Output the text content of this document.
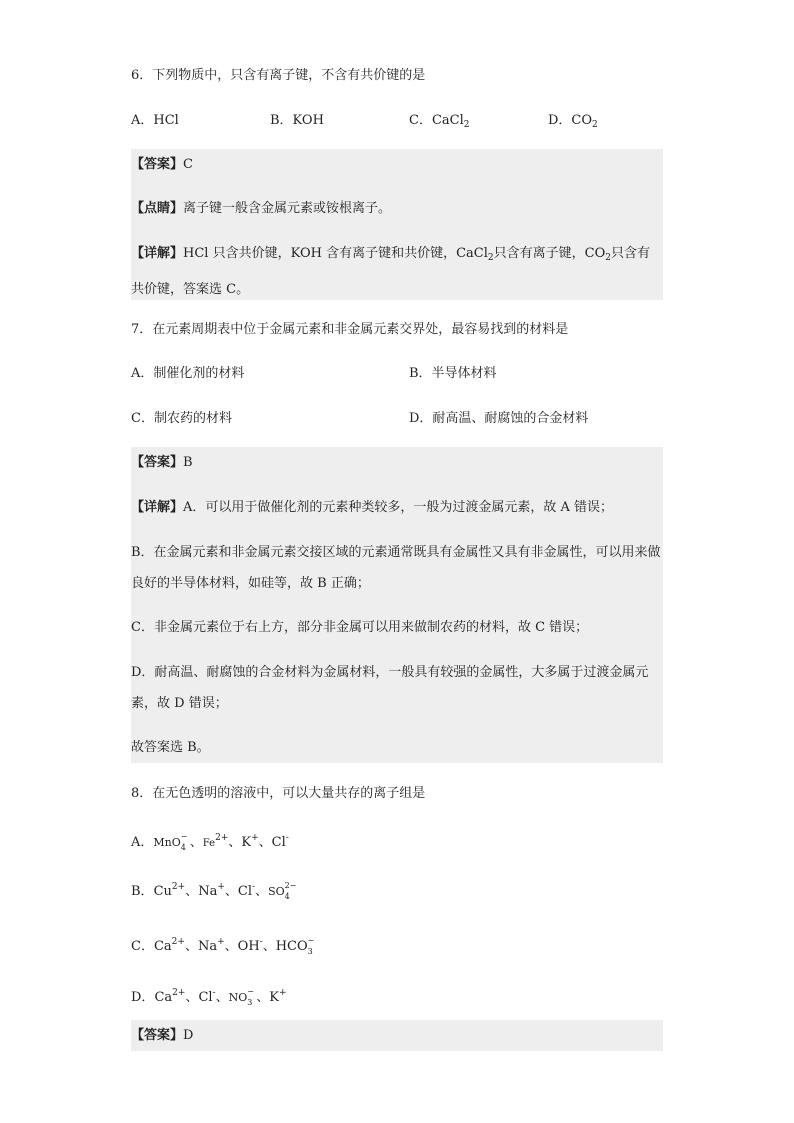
6．下列物质中，只含有离子键，不含有共价键的是
A．HCl	B．KOH	C．CaCl$_2$	D．$CO_2$
【答案】C
【点睛】离子键一般含金属元素或铵根离子。
【详解】HCl 只含共价键，KOH 含有离子键和共价键，CaCl$_2$只含有离子键，$CO_2$只含有共价键，答案选 C。
7．在元素周期表中位于金属元素和非金属元素交界处，最容易找到的材料是
A．制催化剂的材料	B．半导体材料
C．制农药的材料	D．耐高温、耐腐蚀的合金材料
【答案】B
【详解】A．可以用于做催化剂的元素种类较多，一般为过渡金属元素，故 A 错误；
B．在金属元素和非金属元素交接区域的元素通常既具有金属性又具有非金属性，可以用来做良好的半导体材料，如硅等，故 B 正确；
C．非金属元素位于右上方，部分非金属可以用来做制农药的材料，故 C 错误；
D．耐高温、耐腐蚀的合金材料为金属材料，一般具有较强的金属性，大多属于过渡金属元素，故 D 错误；
故答案选 B。
8．在无色透明的溶液中，可以大量共存的离子组是
A．MnO −
4 、$Fe^{2+}$、K+、Cl-
B．$Cu^{2+}$、Na+、Cl-、SO 2−
4
C．$Ca^{2+}$、Na+、OH-、HCO −
3
D．$Ca^{2+}$、Cl-、NO −
3 、K+
【答案】D
